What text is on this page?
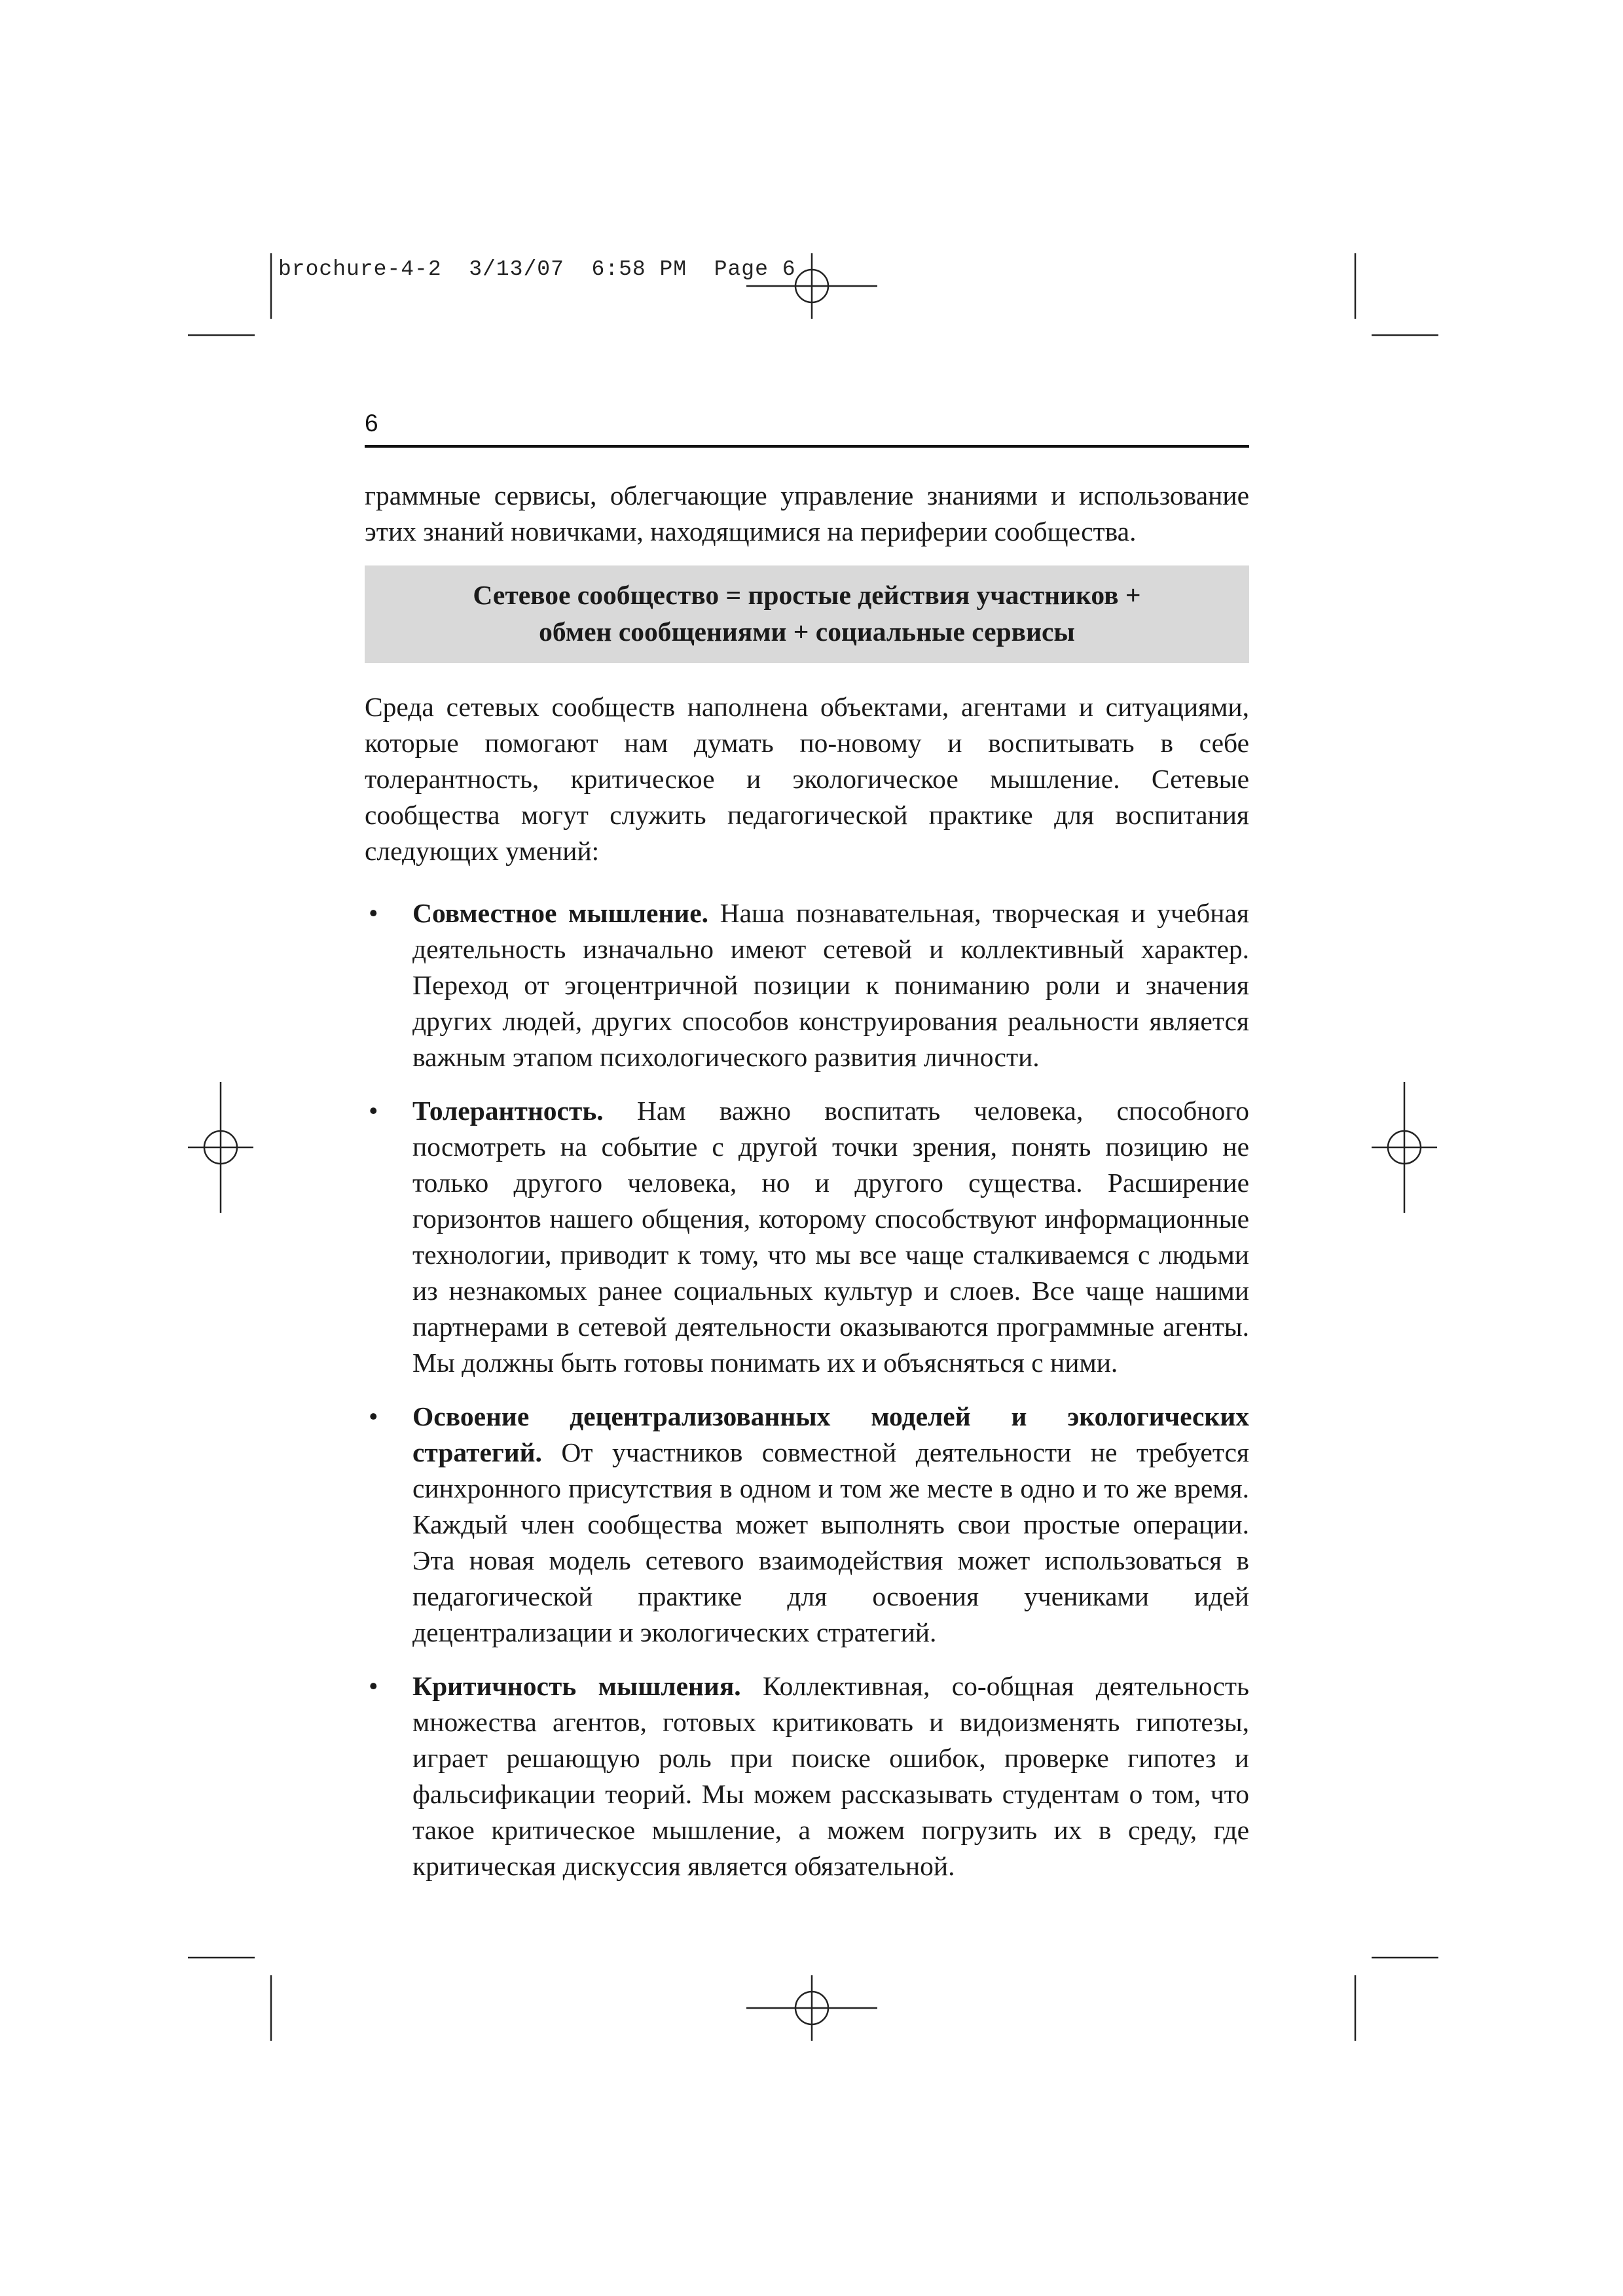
brochure-4-2  3/13/07  6:58 PM  Page 6
6

граммные сервисы, облегчающие управление знаниями и использование этих знаний новичками, находящимися на периферии сообщества.

Сетевое сообщество = простые действия участников +
обмен сообщениями + социальные сервисы

Среда сетевых сообществ наполнена объектами, агентами и ситуациями, которые помогают нам думать по-новому и воспитывать в себе толерантность, критическое и экологическое мышление. Сетевые сообщества могут служить педагогической практике для воспитания следующих умений:

• Совместное мышление. Наша познавательная, творческая и учебная деятельность изначально имеют сетевой и коллективный характер. Переход от эгоцентричной позиции к пониманию роли и значения других людей, других способов конструирования реальности является важным этапом психологического развития личности.
• Толерантность. Нам важно воспитать человека, способного посмотреть на событие с другой точки зрения, понять позицию не только другого человека, но и другого существа. Расширение горизонтов нашего общения, которому способствуют информационные технологии, приводит к тому, что мы все чаще сталкиваемся с людьми из незнакомых ранее социальных культур и слоев. Все чаще нашими партнерами в сетевой деятельности оказываются программные агенты. Мы должны быть готовы понимать их и объясняться с ними.
• Освоение децентрализованных моделей и экологических стратегий. От участников совместной деятельности не требуется синхронного присутствия в одном и том же месте в одно и то же время. Каждый член сообщества может выполнять свои простые операции. Эта новая модель сетевого взаимодействия может использоваться в педагогической практике для освоения учениками идей децентрализации и экологических стратегий.
• Критичность мышления. Коллективная, со-общная деятельность множества агентов, готовых критиковать и видоизменять гипотезы, играет решающую роль при поиске ошибок, проверке гипотез и фальсификации теорий. Мы можем рассказывать студентам о том, что такое критическое мышление, а можем погрузить их в среду, где критическая дискуссия является обязательной.
